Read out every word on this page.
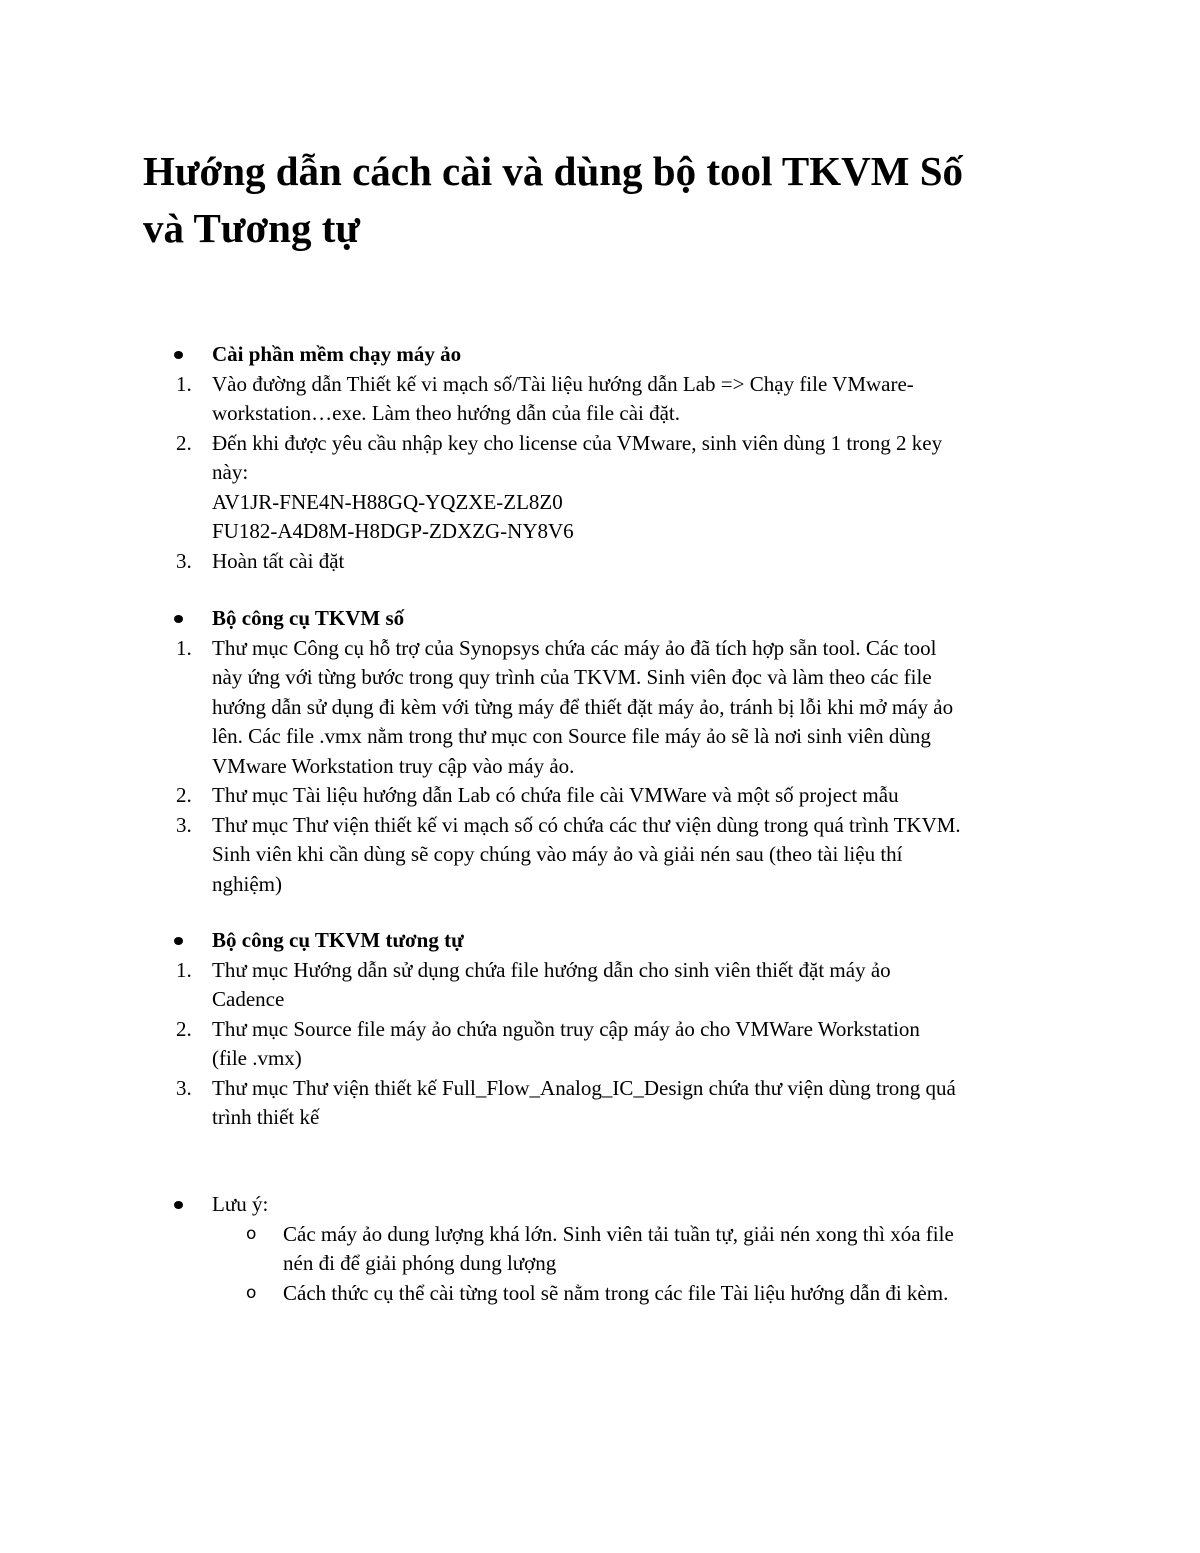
Hướng dẫn cách cài và dùng bộ tool TKVM Số
và Tương tự
Cài phần mềm chạy máy ảo
1. Vào đường dẫn Thiết kế vi mạch số/Tài liệu hướng dẫn Lab => Chạy file VMware-
workstation…exe. Làm theo hướng dẫn của file cài đặt.
2. Đến khi được yêu cầu nhập key cho license của VMware, sinh viên dùng 1 trong 2 key
này:
AV1JR-FNE4N-H88GQ-YQZXE-ZL8Z0
FU182-A4D8M-H8DGP-ZDXZG-NY8V6
3. Hoàn tất cài đặt
Bộ công cụ TKVM số
1. Thư mục Công cụ hỗ trợ của Synopsys chứa các máy ảo đã tích hợp sẵn tool. Các tool
này ứng với từng bước trong quy trình của TKVM. Sinh viên đọc và làm theo các file
hướng dẫn sử dụng đi kèm với từng máy để thiết đặt máy ảo, tránh bị lỗi khi mở máy ảo
lên. Các file .vmx nằm trong thư mục con Source file máy ảo sẽ là nơi sinh viên dùng
VMware Workstation truy cập vào máy ảo.
2. Thư mục Tài liệu hướng dẫn Lab có chứa file cài VMWare và một số project mẫu
3. Thư mục Thư viện thiết kế vi mạch số có chứa các thư viện dùng trong quá trình TKVM.
Sinh viên khi cần dùng sẽ copy chúng vào máy ảo và giải nén sau (theo tài liệu thí
nghiệm)
Bộ công cụ TKVM tương tự
1. Thư mục Hướng dẫn sử dụng chứa file hướng dẫn cho sinh viên thiết đặt máy ảo
Cadence
2. Thư mục Source file máy ảo chứa nguồn truy cập máy ảo cho VMWare Workstation
(file .vmx)
3. Thư mục Thư viện thiết kế Full_Flow_Analog_IC_Design chứa thư viện dùng trong quá
trình thiết kế
Lưu ý:
o Các máy ảo dung lượng khá lớn. Sinh viên tải tuần tự, giải nén xong thì xóa file
nén đi để giải phóng dung lượng
o Cách thức cụ thể cài từng tool sẽ nằm trong các file Tài liệu hướng dẫn đi kèm.
